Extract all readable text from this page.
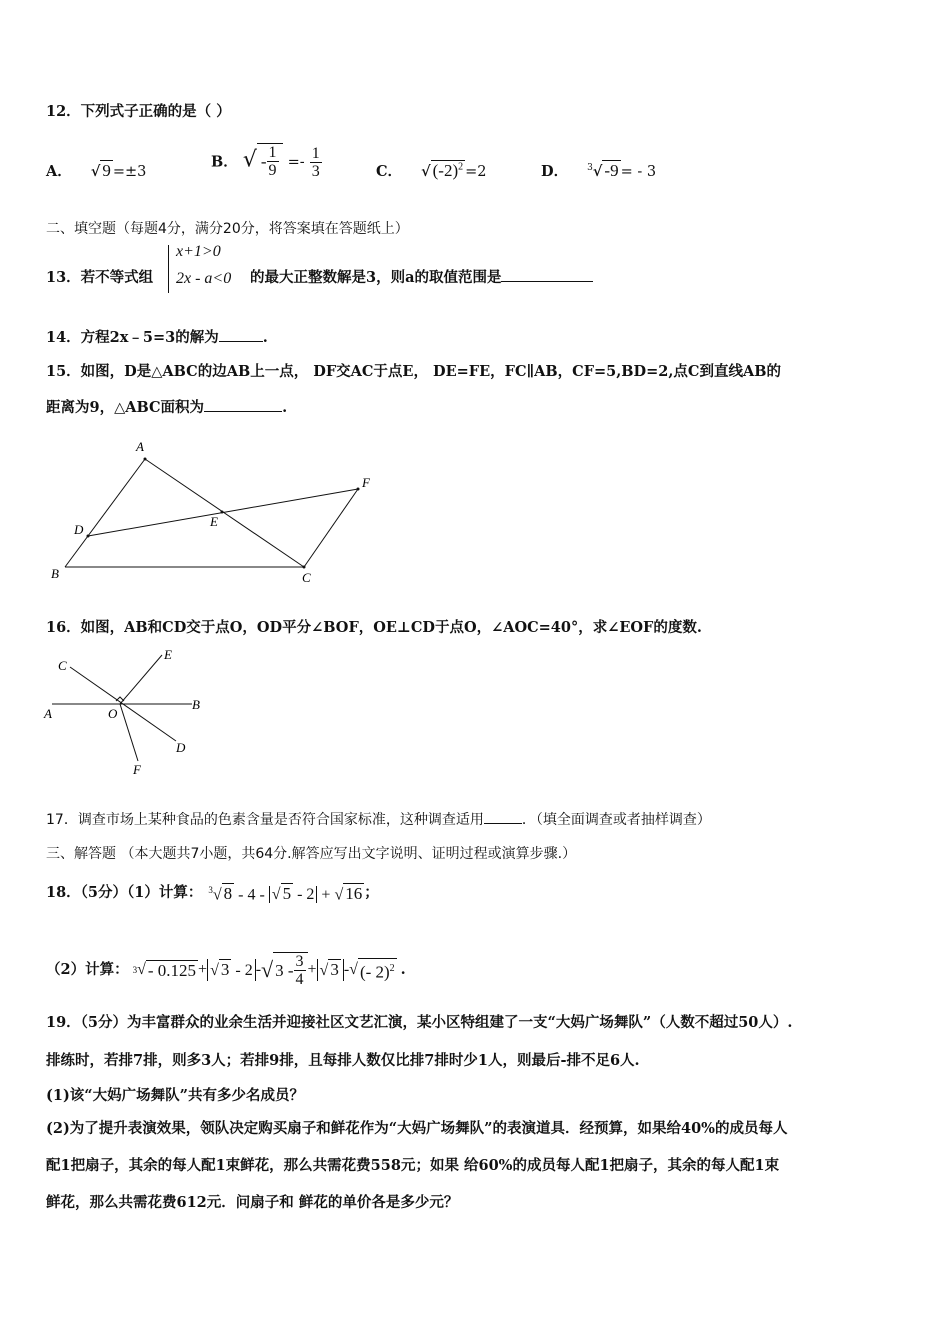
12．下列式子正确的是（ ）
A． √ 9 =±3
B． √ - $\frac{1}{9} =- \frac{1}{3}$	C． √ $(-2)^2 =2$	D． $^3$√ -9 = - 3
二、填空题（每题4分，满分20分，将答案填在答题纸上）
13．若不等式组
x+1>0
2x - a<0 的最大正整数解是3，则a的取值范围是
14．方程2x﹣5=3的解为	.
15．如图，D是△ABC的边AB上一点， DF交AC于点E， DE=FE，FC∥AB，CF=5,BD=2,点C到直线AB的
距离为9，△ABC面积为	.
A
D
E
F
B	C
16．如图，AB和CD交于点O，OD平分∠BOF，OE⊥CD于点O，∠AOC=40°，求∠EOF的度数.
C
E
A	O
B
D
F
17．调查市场上某种食品的色素含量是否符合国家标准，这种调查适用	．（填全面调查或者抽样调查）
三、解答题 （本大题共7小题，共64分.解答应写出文字说明、证明过程或演算步骤.）
18．（5分）（1）计算： $^3$√ 8 - 4 - √ 5 - 2 + √ 16 ；
（2）计算： 3 √ - 0.125 + √ 3 - 2 - √ $3 - \frac{3}{4}$ + √ 3 - √ (- 2)$^2$ .
19．（5分）为丰富群众的业余生活并迎接社区文艺汇演，某小区特组建了一支“大妈广场舞队”（人数不超过50人）.
排练时，若排7排，则多3人；若排9排，且每排人数仅比排7排时少1人，则最后-排不足6人.
(1)该“大妈广场舞队”共有多少名成员？
(2)为了提升表演效果，领队决定购买扇子和鲜花作为“大妈广场舞队”的表演道具．经预算，如果给40%的成员每人
配1把扇子，其余的每人配1束鲜花，那么共需花费558元；如果 给60%的成员每人配1把扇子，其余的每人配1束
鲜花，那么共需花费612元．问扇子和 鲜花的单价各是多少元？
